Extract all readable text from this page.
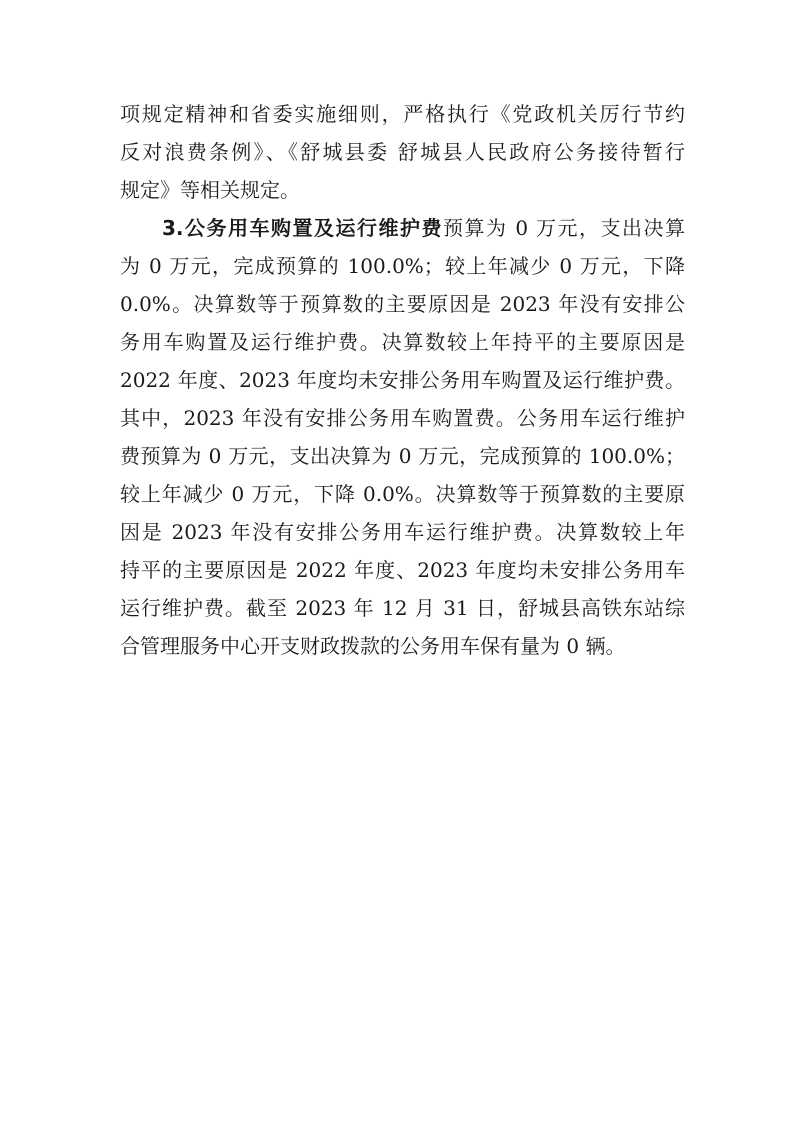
项规定精神和省委实施细则，严格执行《党政机关厉行节约
反对浪费条例》、《舒城县委 舒城县人民政府公务接待暂行
规定》等相关规定。
3.公务用车购置及运行维护费预算为 0 万元，支出决算
为 0 万元，完成预算的 100.0%；较上年减少 0 万元，下降
0.0%。决算数等于预算数的主要原因是 2023 年没有安排公
务用车购置及运行维护费。决算数较上年持平的主要原因是
2022 年度、2023 年度均未安排公务用车购置及运行维护费。
其中，2023 年没有安排公务用车购置费。公务用车运行维护
费预算为 0 万元，支出决算为 0 万元，完成预算的 100.0%；
较上年减少 0 万元，下降 0.0%。决算数等于预算数的主要原
因是 2023 年没有安排公务用车运行维护费。决算数较上年
持平的主要原因是 2022 年度、2023 年度均未安排公务用车
运行维护费。截至 2023 年 12 月 31 日，舒城县高铁东站综
合管理服务中心开支财政拨款的公务用车保有量为 0 辆。
